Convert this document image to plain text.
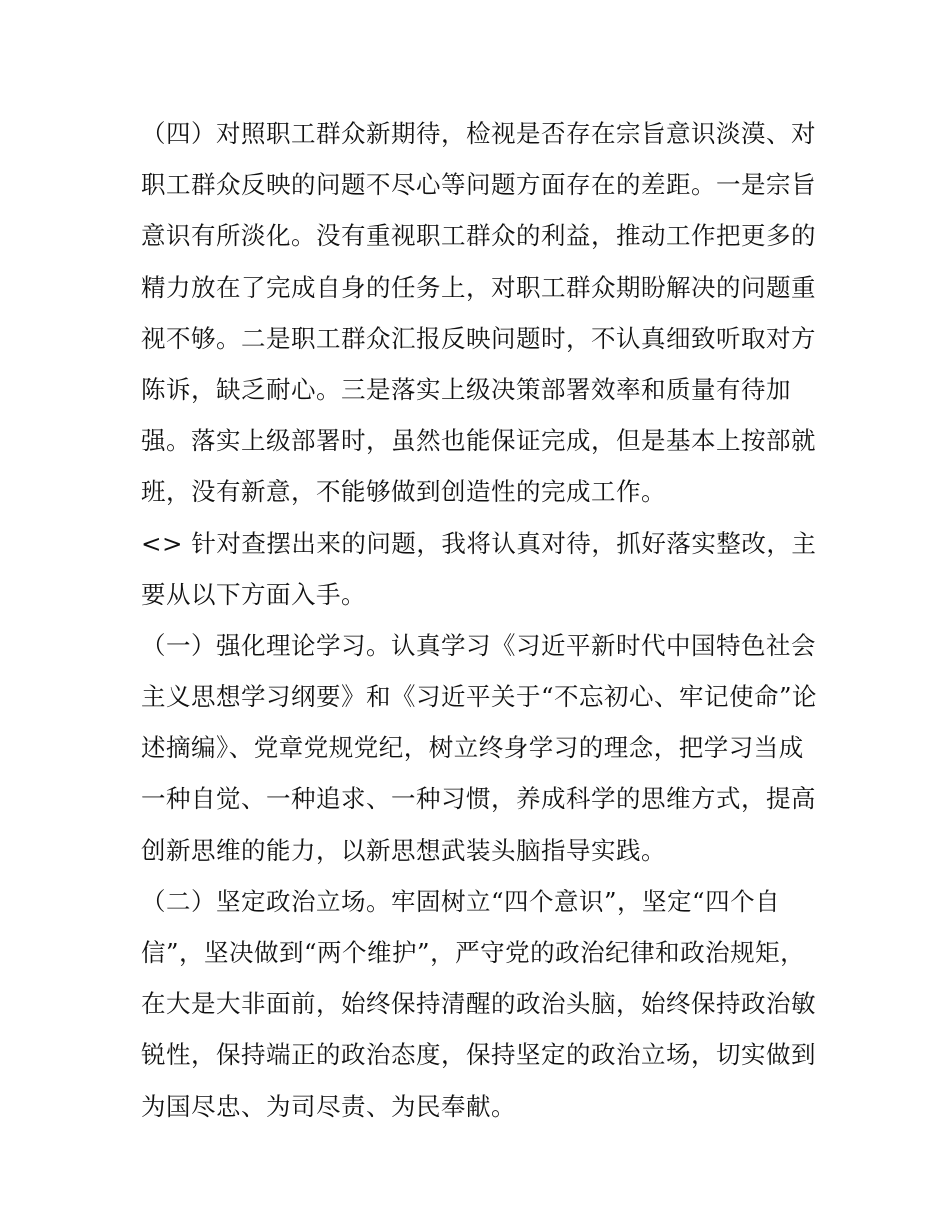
（四）对照职工群众新期待，检视是否存在宗旨意识淡漠、对
职工群众反映的问题不尽心等问题方面存在的差距。一是宗旨
意识有所淡化。没有重视职工群众的利益，推动工作把更多的
精力放在了完成自身的任务上，对职工群众期盼解决的问题重
视不够。二是职工群众汇报反映问题时，不认真细致听取对方
陈诉，缺乏耐心。三是落实上级决策部署效率和质量有待加
强。落实上级部署时，虽然也能保证完成，但是基本上按部就
班，没有新意，不能够做到创造性的完成工作。
<> 针对查摆出来的问题，我将认真对待，抓好落实整改，主
要从以下方面入手。
（一）强化理论学习。认真学习《习近平新时代中国特色社会
主义思想学习纲要》和《习近平关于“不忘初心、牢记使命”论
述摘编》、党章党规党纪，树立终身学习的理念，把学习当成
一种自觉、一种追求、一种习惯，养成科学的思维方式，提高
创新思维的能力，以新思想武装头脑指导实践。
（二）坚定政治立场。牢固树立“四个意识”，坚定“四个自
信”，坚决做到“两个维护”，严守党的政治纪律和政治规矩，
在大是大非面前，始终保持清醒的政治头脑，始终保持政治敏
锐性，保持端正的政治态度，保持坚定的政治立场，切实做到
为国尽忠、为司尽责、为民奉献。
